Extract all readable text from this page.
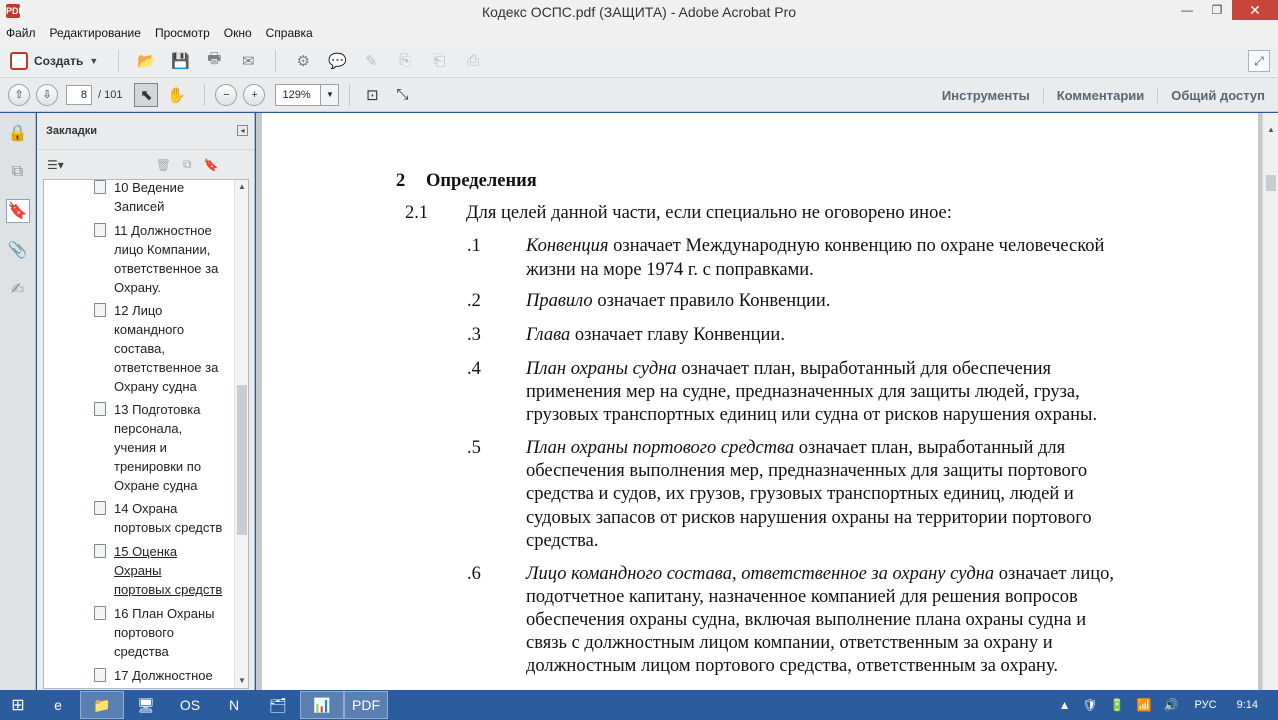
PDF	Кодекс ОСПС.pdf (ЗАЩИТА) - Adobe Acrobat Pro	—	❐	✕
Файл Редактирование Просмотр Окно Справка
Создать ▼	📂 💾 🖶	✉	⚙ 💬	✎	⎘	⎗	⎙	⤢
⇧	⇩	8	/ 101	⬉ ✋	−	+	129%	▼	⊡	⤡	Инструменты	Комментарии	Общий доступ
🔒
⧉
🔖
📎
✍
Закладки	◂
☰▾	🗑 ⧉ 🔖
10 Ведение
Записей
11 Должностное
лицо Компании,
ответственное за
Охрану.
12 Лицо
командного
состава,
ответственное за
Охрану судна
13 Подготовка
персонала,
учения и
тренировки по
Охране судна
14 Охрана
портовых средств
15 Оценка
Охраны
портовых средств
16 План Охраны
портового
средства
17 Должностное
▲
▼
2 Определения
2.1 Для целей данной части, если специально не оговорено иное:
.1 Конвенция означает Международную конвенцию по охране человеческой
жизни на море 1974 г. с поправками.
.2 Правило означает правило Конвенции.
.3 Глава означает главу Конвенции.
.4 План охраны судна означает план, выработанный для обеспечения
применения мер на судне, предназначенных для защиты людей, груза,
грузовых транспортных единиц или судна от рисков нарушения охраны.
.5 План охраны портового средства означает план, выработанный для
обеспечения выполнения мер, предназначенных для защиты портового
средства и судов, их грузов, грузовых транспортных единиц, людей и
судовых запасов от рисков нарушения охраны на территории портового
средства.
.6 Лицо командного состава, ответственное за охрану судна означает лицо,
подотчетное капитану, назначенное компанией для решения вопросов
обеспечения охраны судна, включая выполнение плана охраны судна и
связь с должностным лицом компании, ответственным за охрану и
должностным лицом портового средства, ответственным за охрану.
▲
⊞	e	📁	🖥	OS	N	🗂	📊	PDF	▲ 🛡 🔋 📶 🔊 РУС 9:14
